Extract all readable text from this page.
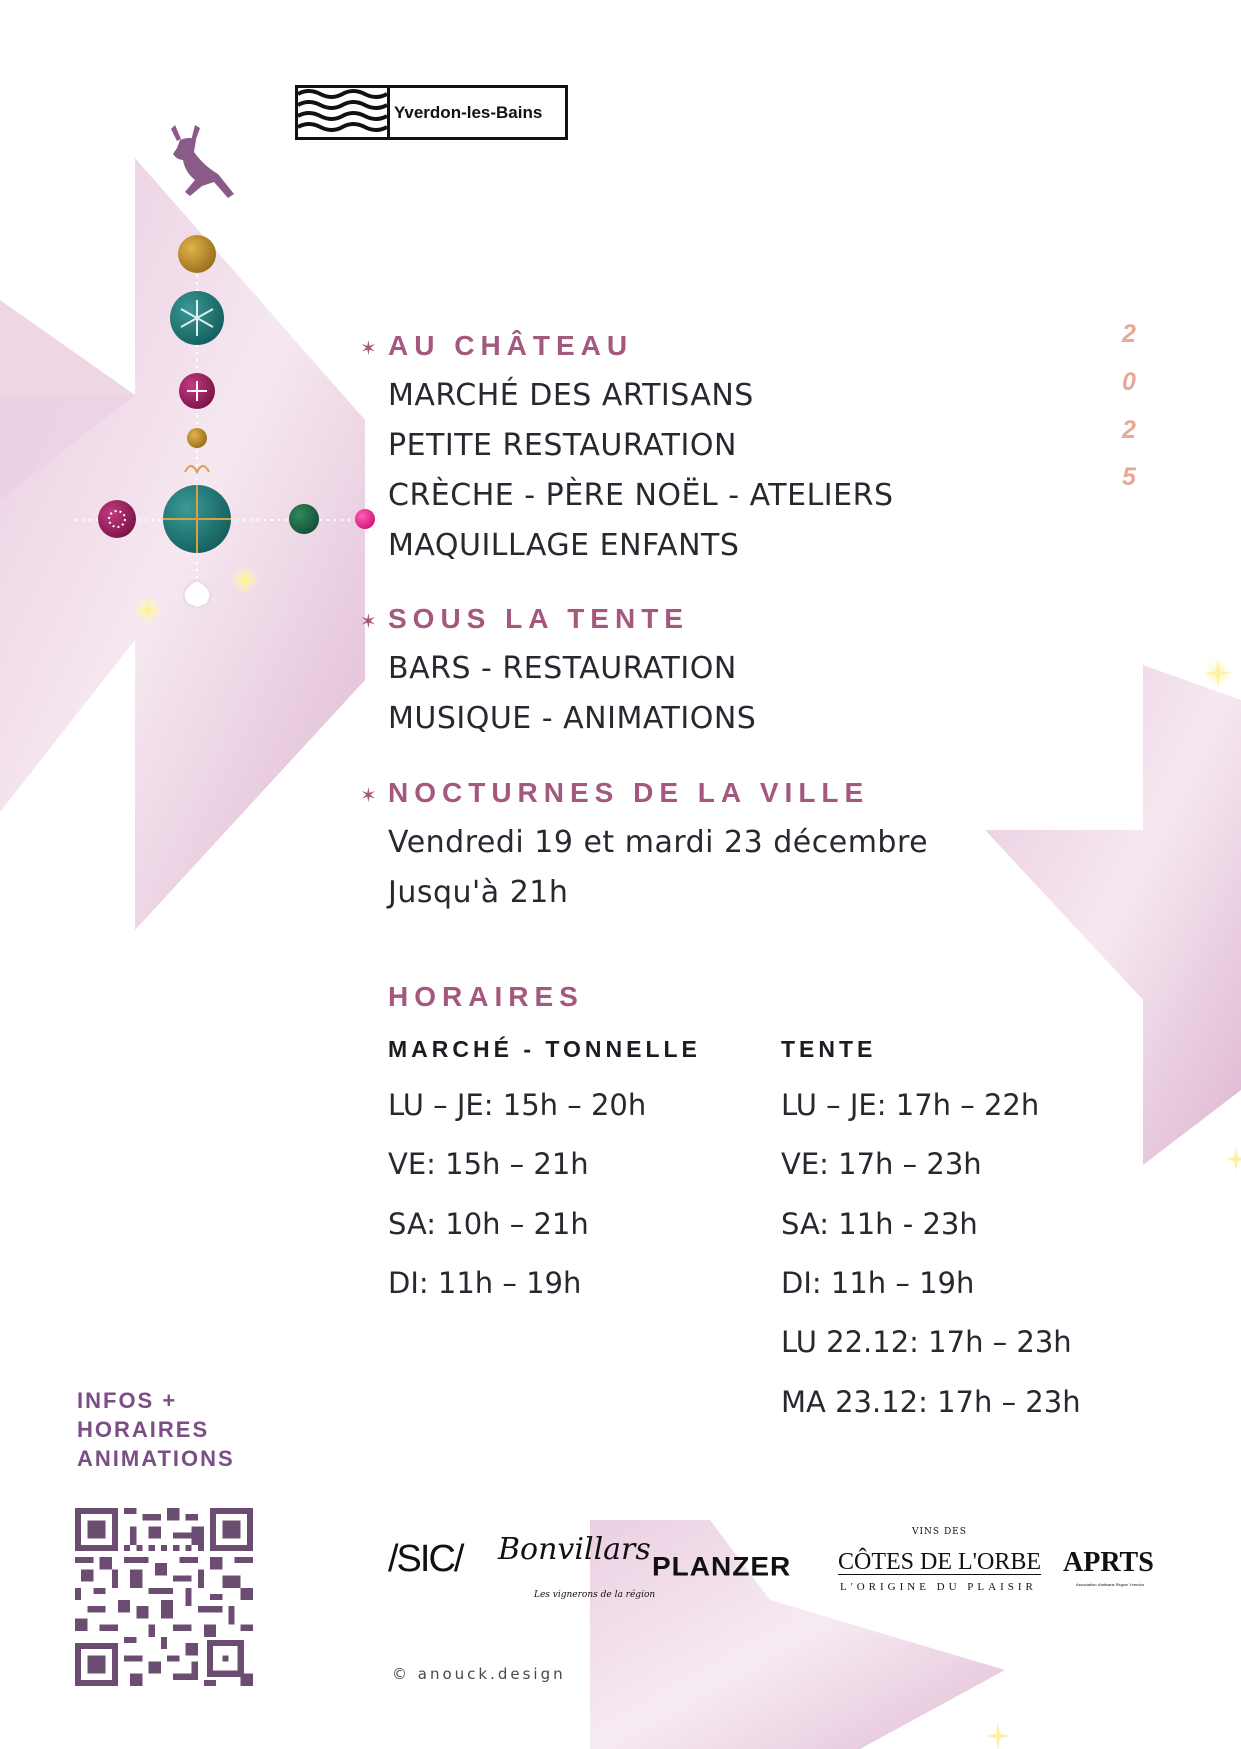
Yverdon-les-Bains
2
0
2
5
✶ AU CHÂTEAU
MARCHÉ DES ARTISANS
PETITE RESTAURATION
CRÈCHE - PÈRE NOËL - ATELIERS
MAQUILLAGE ENFANTS
✶ SOUS LA TENTE
BARS - RESTAURATION
MUSIQUE - ANIMATIONS
✶ NOCTURNES DE LA VILLE
Vendredi 19 et mardi 23 décembre
Jusqu'à 21h
HORAIRES
MARCHÉ - TONNELLE	TENTE
LU – JE: 15h – 20h
VE: 15h – 21h
SA: 10h – 21h
DI: 11h – 19h
LU – JE: 17h – 22h
VE: 17h – 23h
SA: 11h - 23h
DI: 11h – 19h
LU 22.12: 17h – 23h
MA 23.12: 17h – 23h
INFOS +
HORAIRES
ANIMATIONS
/SIC/ Bonvillars
Les vignerons de la région
PLANZER
VINS DES
CÔTES DE L'ORBE
L'ORIGINE DU PLAISIR
APRTS
Association d'artisans Région Yverdon
© anouck.design
